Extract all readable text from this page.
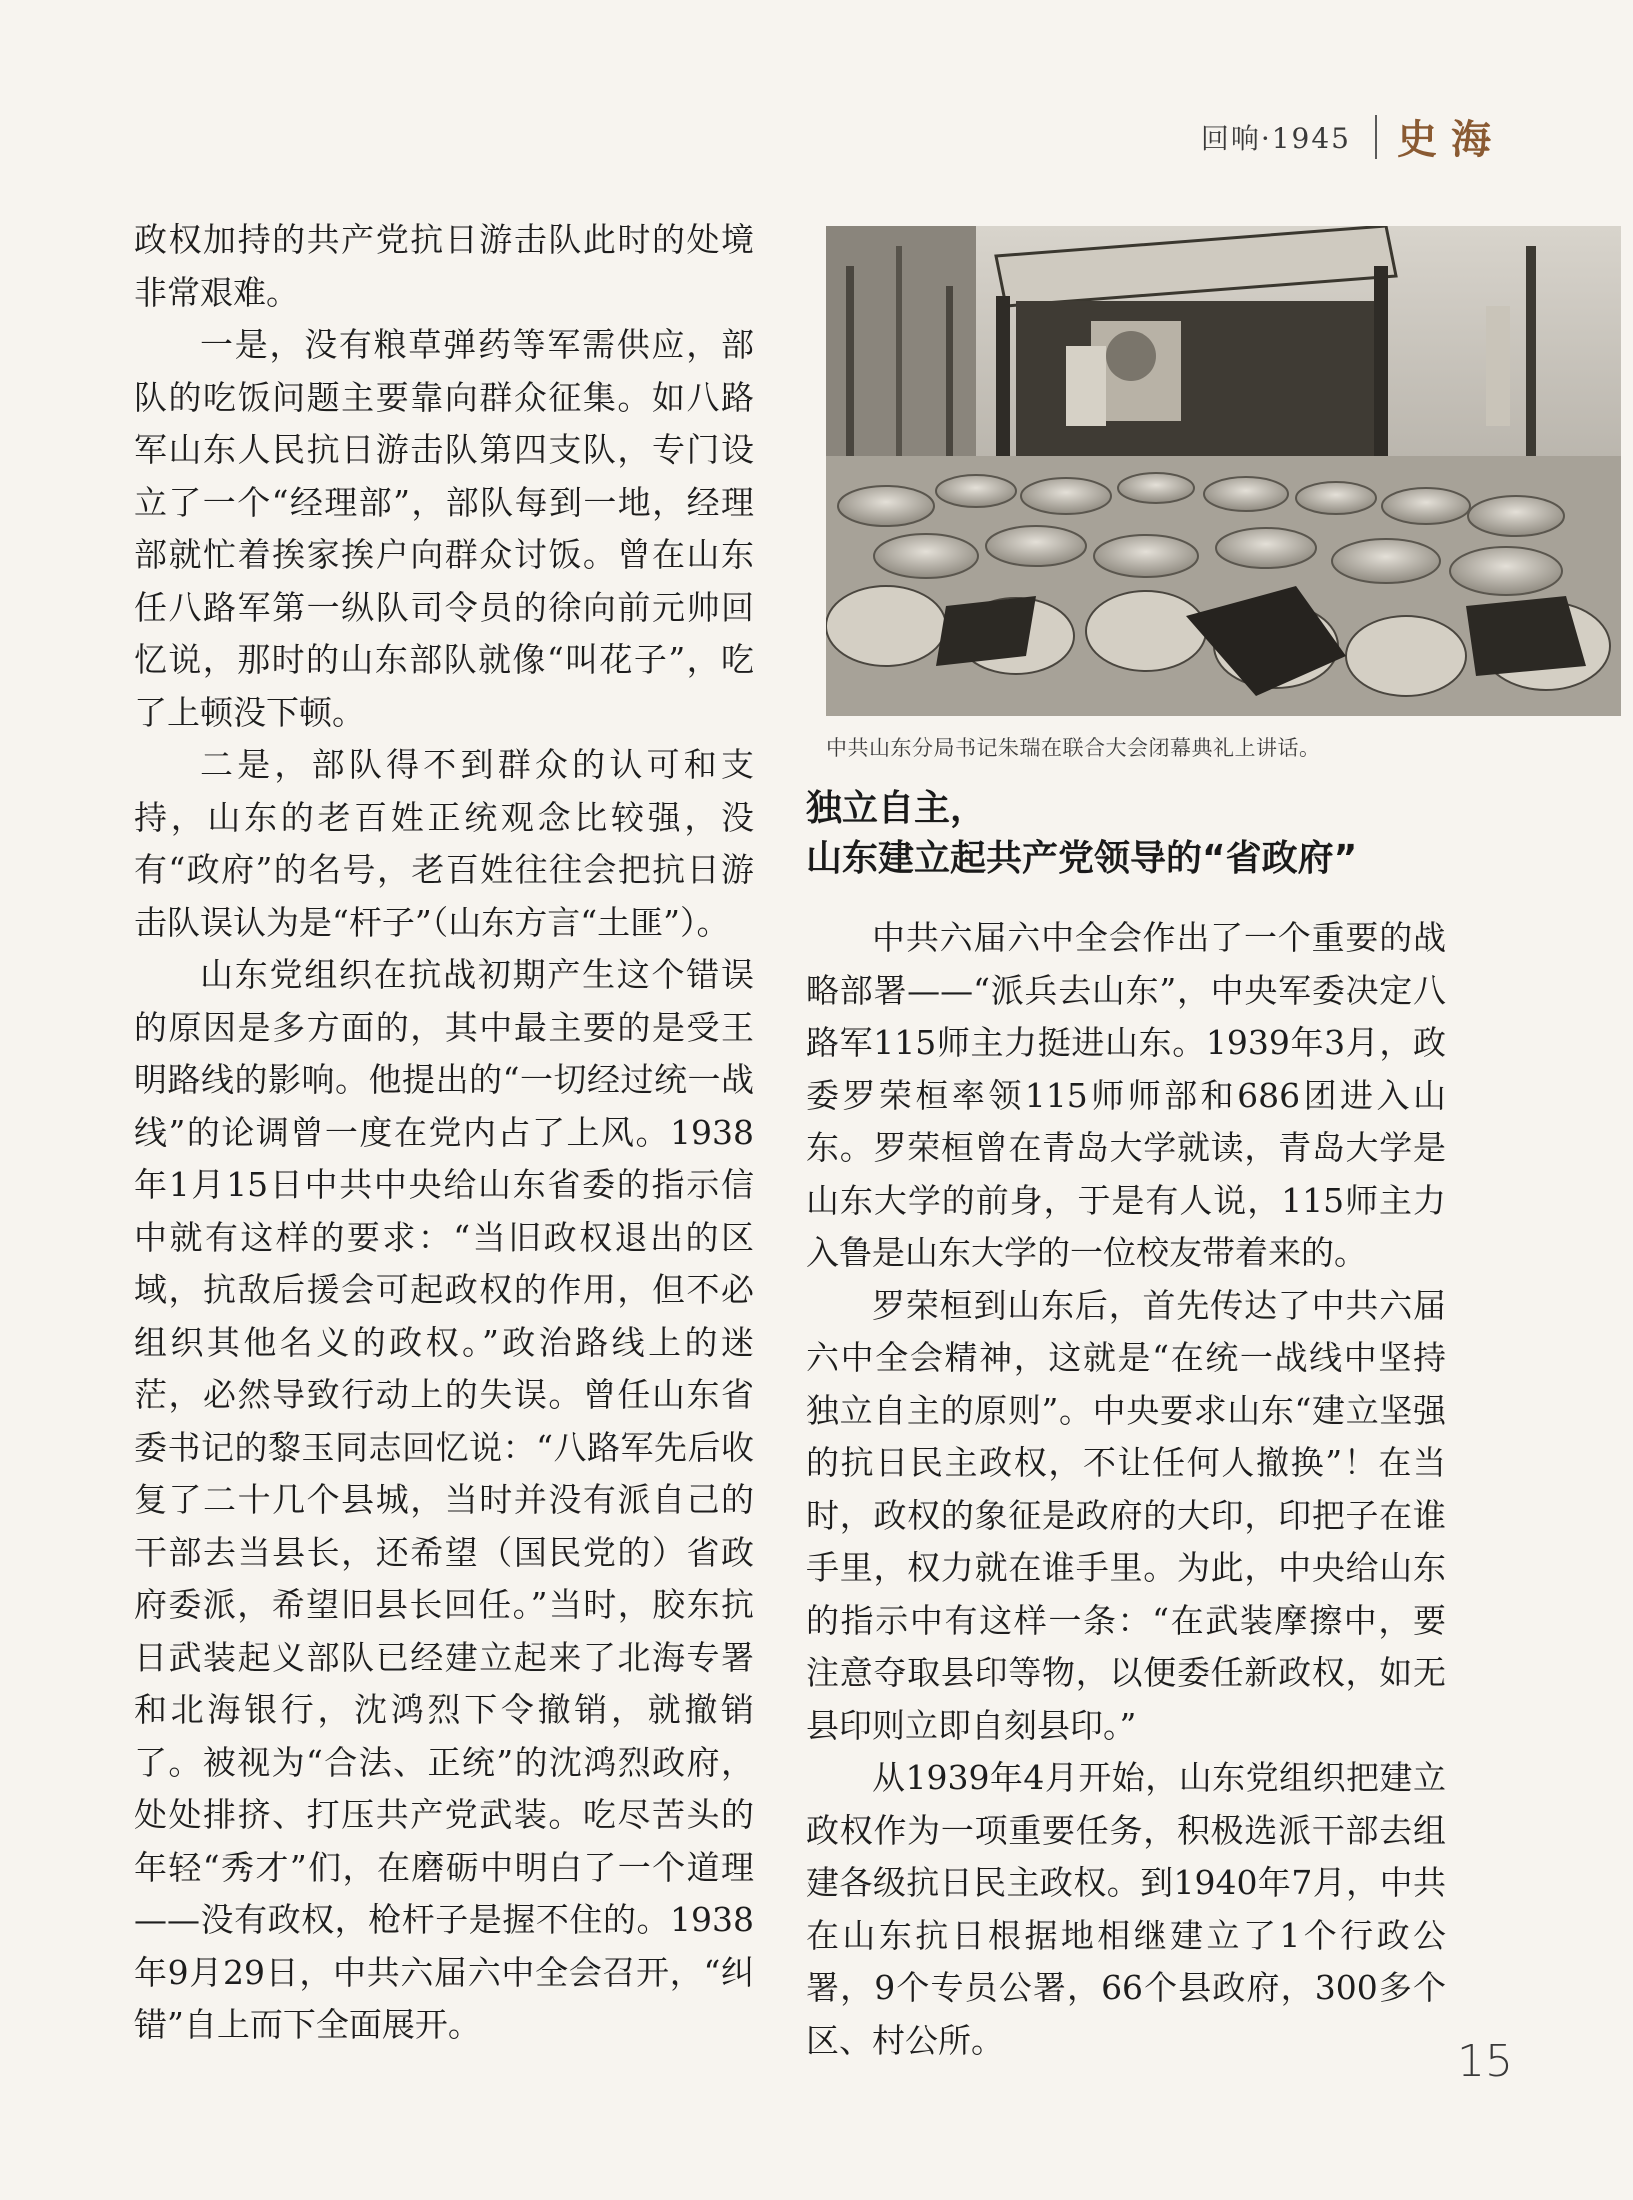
回响·1945 史海

政权加持的共产党抗日游击队此时的处境非常艰难。

一是，没有粮草弹药等军需供应，部队的吃饭问题主要靠向群众征集。如八路军山东人民抗日游击队第四支队，专门设立了一个“经理部”，部队每到一地，经理部就忙着挨家挨户向群众讨饭。曾在山东任八路军第一纵队司令员的徐向前元帅回忆说，那时的山东部队就像“叫花子”，吃了上顿没下顿。

二是，部队得不到群众的认可和支持，山东的老百姓正统观念比较强，没有“政府”的名号，老百姓往往会把抗日游击队误认为是“杆子”（山东方言“土匪”）。

山东党组织在抗战初期产生这个错误的原因是多方面的，其中最主要的是受王明路线的影响。他提出的“一切经过统一战线”的论调曾一度在党内占了上风。1938年1月15日中共中央给山东省委的指示信中就有这样的要求：“当旧政权退出的区域，抗敌后援会可起政权的作用，但不必组织其他名义的政权。”政治路线上的迷茫，必然导致行动上的失误。曾任山东省委书记的黎玉同志回忆说：“八路军先后收复了二十几个县城，当时并没有派自己的干部去当县长，还希望（国民党的）省政府委派，希望旧县长回任。”当时，胶东抗日武装起义部队已经建立起来了北海专署和北海银行，沈鸿烈下令撤销，就撤销了。被视为“合法、正统”的沈鸿烈政府，处处排挤、打压共产党武装。吃尽苦头的年轻“秀才”们，在磨砺中明白了一个道理——没有政权，枪杆子是握不住的。1938年9月29日，中共六届六中全会召开，“纠错”自上而下全面展开。

中共山东分局书记朱瑞在联合大会闭幕典礼上讲话。
独立自主，
山东建立起共产党领导的“省政府”

中共六届六中全会作出了一个重要的战略部署——“派兵去山东”，中央军委决定八路军115师主力挺进山东。1939年3月，政委罗荣桓率领115师师部和686团进入山东。罗荣桓曾在青岛大学就读，青岛大学是山东大学的前身，于是有人说，115师主力入鲁是山东大学的一位校友带着来的。

罗荣桓到山东后，首先传达了中共六届六中全会精神，这就是“在统一战线中坚持独立自主的原则”。中央要求山东“建立坚强的抗日民主政权，不让任何人撤换”！在当时，政权的象征是政府的大印，印把子在谁手里，权力就在谁手里。为此，中央给山东的指示中有这样一条：“在武装摩擦中，要注意夺取县印等物，以便委任新政权，如无县印则立即自刻县印。”

从1939年4月开始，山东党组织把建立政权作为一项重要任务，积极选派干部去组建各级抗日民主政权。到1940年7月，中共在山东抗日根据地相继建立了1个行政公署，9个专员公署，66个县政府，300多个区、村公所。	15
